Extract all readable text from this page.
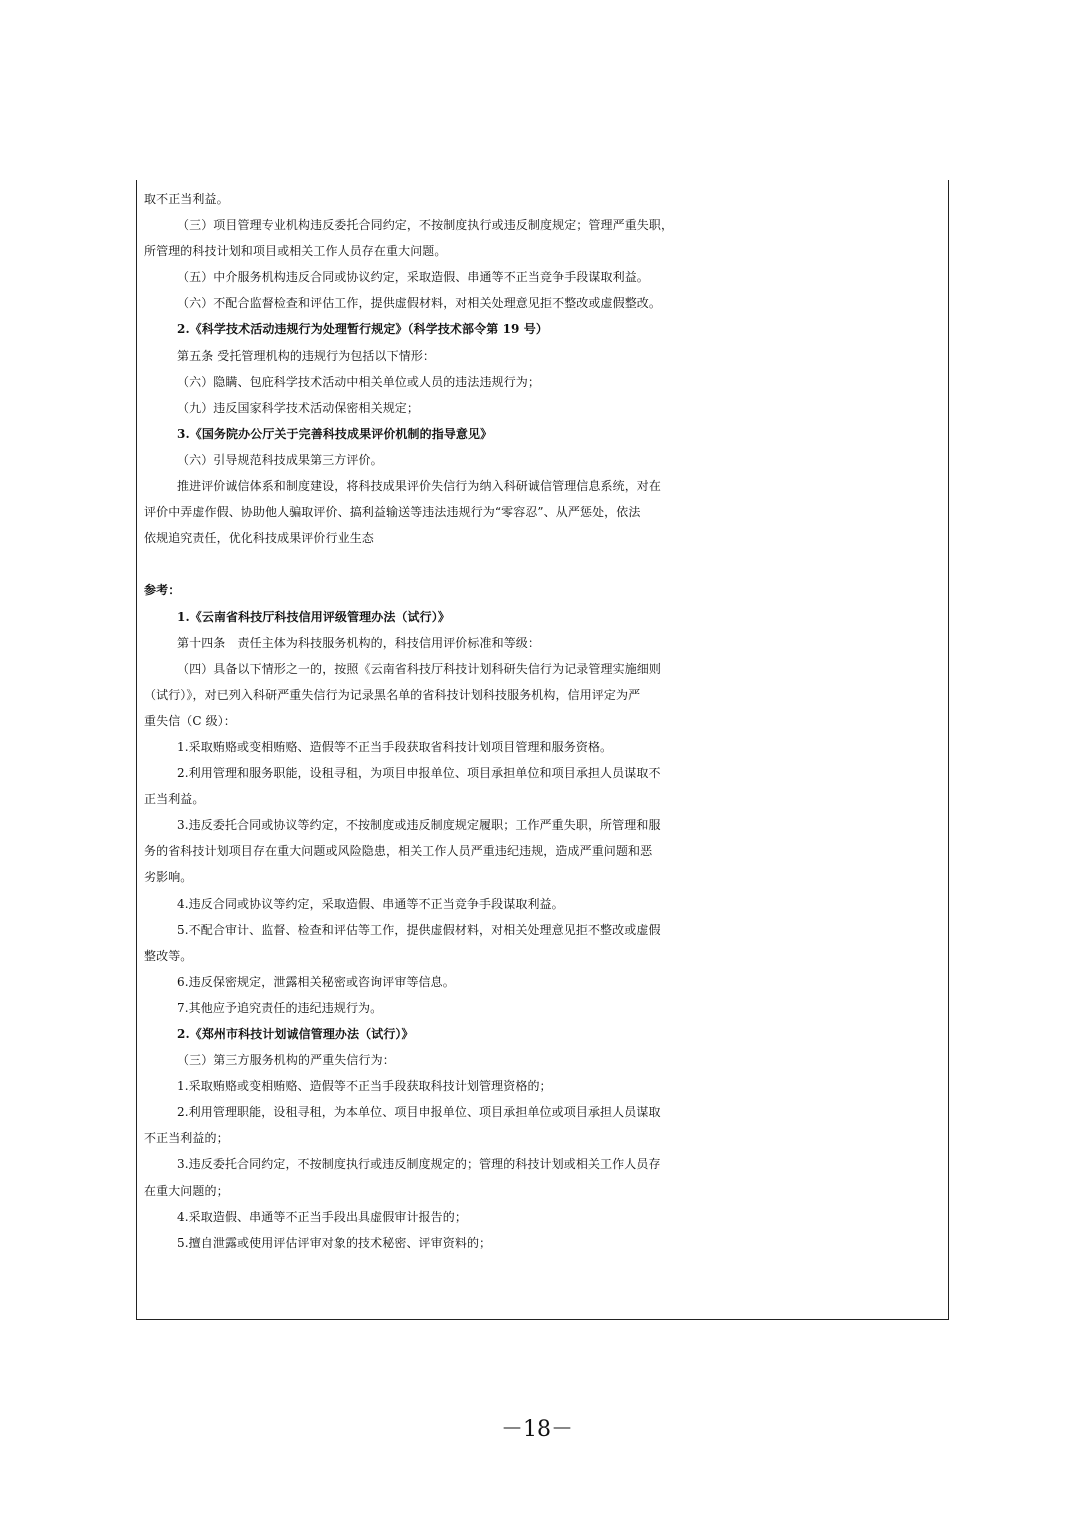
取不正当利益。
（三）项目管理专业机构违反委托合同约定，不按制度执行或违反制度规定；管理严重失职，
所管理的科技计划和项目或相关工作人员存在重大问题。
（五）中介服务机构违反合同或协议约定，采取造假、串通等不正当竞争手段谋取利益。
（六）不配合监督检查和评估工作，提供虚假材料，对相关处理意见拒不整改或虚假整改。
2.《科学技术活动违规行为处理暂行规定》（科学技术部令第 19 号）
第五条 受托管理机构的违规行为包括以下情形：
（六）隐瞒、包庇科学技术活动中相关单位或人员的违法违规行为；
（九）违反国家科学技术活动保密相关规定；
3.《国务院办公厅关于完善科技成果评价机制的指导意见》
（六）引导规范科技成果第三方评价。
推进评价诚信体系和制度建设，将科技成果评价失信行为纳入科研诚信管理信息系统，对在
评价中弄虚作假、协助他人骗取评价、搞利益输送等违法违规行为“零容忍”、从严惩处，依法
依规追究责任，优化科技成果评价行业生态
参考：
1.《云南省科技厅科技信用评级管理办法（试行）》
第十四条　责任主体为科技服务机构的，科技信用评价标准和等级：
（四）具备以下情形之一的，按照《云南省科技厅科技计划科研失信行为记录管理实施细则
（试行）》，对已列入科研严重失信行为记录黑名单的省科技计划科技服务机构，信用评定为严
重失信（C 级）：
1.采取贿赂或变相贿赂、造假等不正当手段获取省科技计划项目管理和服务资格。
2.利用管理和服务职能，设租寻租，为项目申报单位、项目承担单位和项目承担人员谋取不
正当利益。
3.违反委托合同或协议等约定，不按制度或违反制度规定履职；工作严重失职，所管理和服
务的省科技计划项目存在重大问题或风险隐患，相关工作人员严重违纪违规，造成严重问题和恶
劣影响。
4.违反合同或协议等约定，采取造假、串通等不正当竞争手段谋取利益。
5.不配合审计、监督、检查和评估等工作，提供虚假材料，对相关处理意见拒不整改或虚假
整改等。
6.违反保密规定，泄露相关秘密或咨询评审等信息。
7.其他应予追究责任的违纪违规行为。
2.《郑州市科技计划诚信管理办法（试行）》
（三）第三方服务机构的严重失信行为：
1.采取贿赂或变相贿赂、造假等不正当手段获取科技计划管理资格的；
2.利用管理职能，设租寻租，为本单位、项目申报单位、项目承担单位或项目承担人员谋取
不正当利益的；
3.违反委托合同约定，不按制度执行或违反制度规定的；管理的科技计划或相关工作人员存
在重大问题的；
4.采取造假、串通等不正当手段出具虚假审计报告的；
5.擅自泄露或使用评估评审对象的技术秘密、评审资料的；
－18－
